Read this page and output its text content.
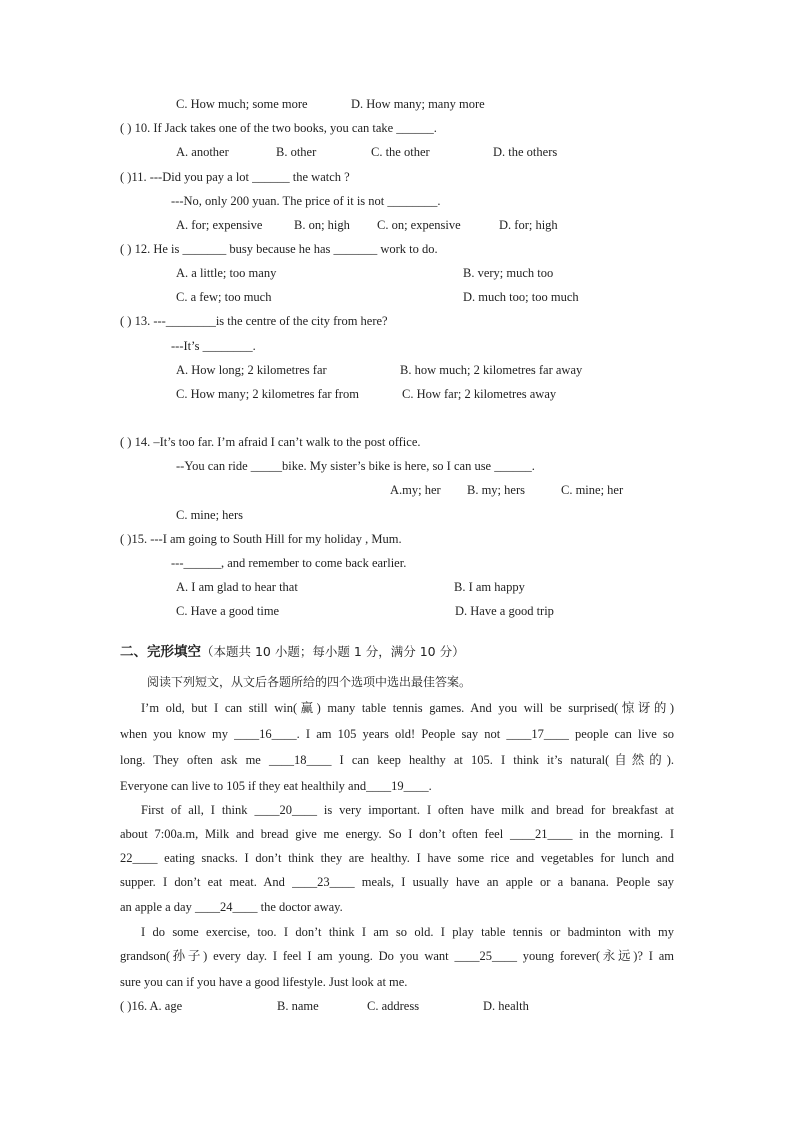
C. How much; some more	D. How many; many more
( ) 10. If Jack takes one of the two books, you can take ______.
A. another	B. other	C. the other	D. the others
( )11. ---Did you pay a lot ______ the watch ?
---No, only 200 yuan. The price of it is not ________.
A. for; expensive	B. on; high C. on; expensive	D. for; high
( ) 12. He is _______ busy because he has _______ work to do.
A. a little; too many	B. very; much too
C. a few; too much	D. much too; too much
( ) 13. ---________is the centre of the city from here?
---It’s ________.
A. How long; 2 kilometres far	B. how much; 2 kilometres far away
C. How many; 2 kilometres far from	C. How far; 2 kilometres away
( ) 14. –It’s too far. I’m afraid I can’t walk to the post office.
--You can ride _____bike. My sister’s bike is here, so I can use ______.
A.my; her B. my; hers	C. mine; her
C. mine; hers
( )15. ---I am going to South Hill for my holiday , Mum.
---______, and remember to come back earlier.
A. I am glad to hear that	B. I am happy
C. Have a good time	D. Have a good trip
二、完形填空（本题共 10 小题；每小题 1 分，满分 10 分）
阅读下列短文，从文后各题所给的四个选项中选出最佳答案。
I’m old, but I can still win(赢) many table tennis games. And you will be surprised(惊讶的)
when you know my ____16____. I am 105 years old! People say not ____17____ people can live so
long. They often ask me ____18____ I can keep healthy at 105. I think it’s natural(自然的).
Everyone can live to 105 if they eat healthily and____19____.
First of all, I think ____20____ is very important. I often have milk and bread for breakfast at
about 7:00a.m, Milk and bread give me energy. So I don’t often feel ____21____ in the morning. I
22____ eating snacks. I don’t think they are healthy. I have some rice and vegetables for lunch and
supper. I don’t eat meat. And ____23____ meals, I usually have an apple or a banana. People say
an apple a day ____24____ the doctor away.
I do some exercise, too. I don’t think I am so old. I play table tennis or badminton with my
grandson(孙子) every day. I feel I am young. Do you want ____25____ young forever(永远)? I am
sure you can if you have a good lifestyle. Just look at me.
( )16. A. age	B. name	C. address	D. health
